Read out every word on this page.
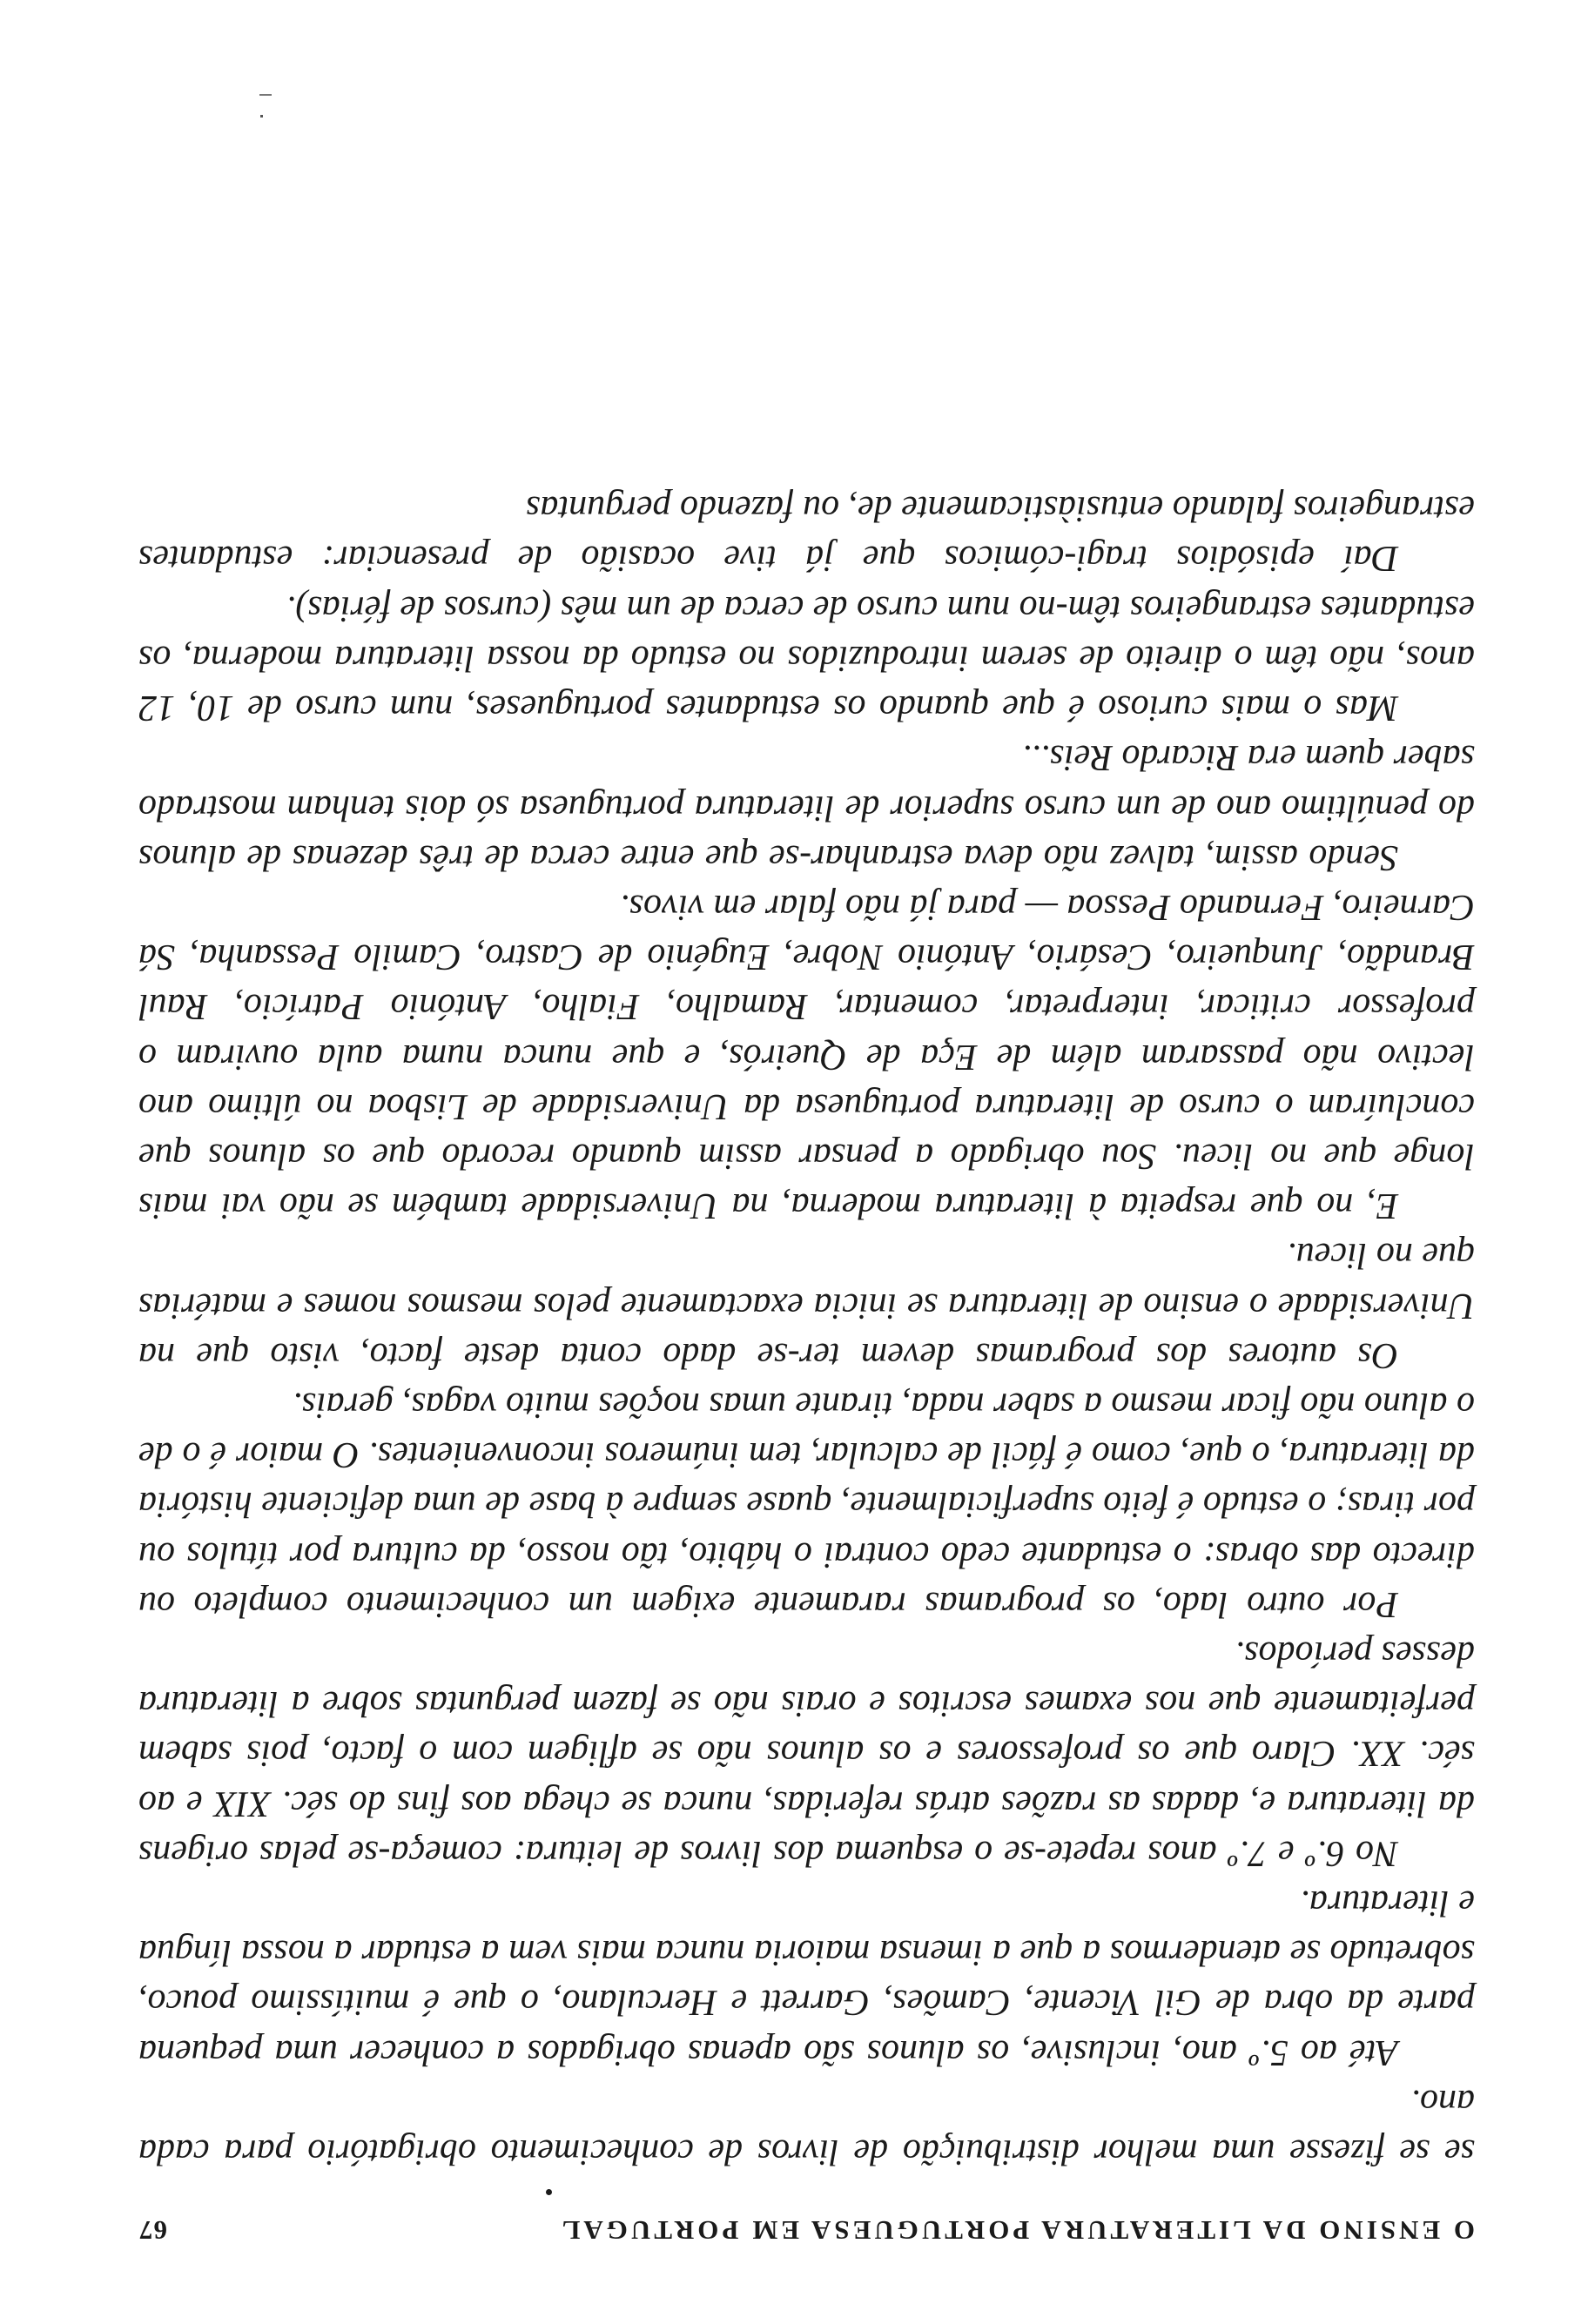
O ENSINO DA LITERATURA PORTUGUESA EM PORTUGAL
67

se se fizesse uma melhor distribuição de livros de conhecimento obrigatório para cada ano.

Até ao 5.º ano, inclusive, os alunos são apenas obrigados a conhecer uma pequena parte da obra de Gil Vicente, Camões, Garrett e Herculano, o que é muitíssimo pouco, sobretudo se atendermos a que a imensa maioria nunca mais vem a estudar a nossa língua e literatura.

No 6.º e 7.º anos repete-se o esquema dos livros de leitura: começa-se pelas origens da literatura e, dadas as razões atrás referidas, nunca se chega aos fins do séc. XIX e ao séc. XX. Claro que os professores e os alunos não se afligem com o facto, pois sabem perfeitamente que nos exames escritos e orais não se fazem perguntas sobre a literatura desses períodos.

Por outro lado, os programas raramente exigem um conhecimento completo ou directo das obras: o estudante cedo contrai o hábito, tão nosso, da cultura por títulos ou por tiras; o estudo é feito superficialmente, quase sempre à base de uma deficiente história da literatura, o que, como é fácil de calcular, tem inúmeros inconvenientes. O maior é o de o aluno não ficar mesmo a saber nada, tirante umas noções muito vagas, gerais.

Os autores dos programas devem ter-se dado conta deste facto, visto que na Universidade o ensino de literatura se inicia exactamente pelos mesmos nomes e matérias que no liceu.

E, no que respeita à literatura moderna, na Universidade também se não vai mais longe que no liceu. Sou obrigado a pensar assim quando recordo que os alunos que concluíram o curso de literatura portuguesa da Universidade de Lisboa no último ano lectivo não passaram além de Eça de Queirós, e que nunca numa aula ouviram o professor criticar, interpretar, comentar, Ramalho, Fialho, António Patrício, Raul Brandão, Junqueiro, Cesário, António Nobre, Eugénio de Castro, Camilo Pessanha, Sá Carneiro, Fernando Pessoa — para já não falar em vivos.

Sendo assim, talvez não deva estranhar-se que entre cerca de três dezenas de alunos do penúltimo ano de um curso superior de literatura portuguesa só dois tenham mostrado saber quem era Ricardo Reis...

Mas o mais curioso é que quando os estudantes portugueses, num curso de 10, 12 anos, não têm o direito de serem introduzidos no estudo da nossa literatura moderna, os estudantes estrangeiros têm-no num curso de cerca de um mês (cursos de férias).

Daí episódios tragi-cómicos que já tive ocasião de presenciar: estudantes estrangeiros falando entusiàsticamente de, ou fazendo perguntas
